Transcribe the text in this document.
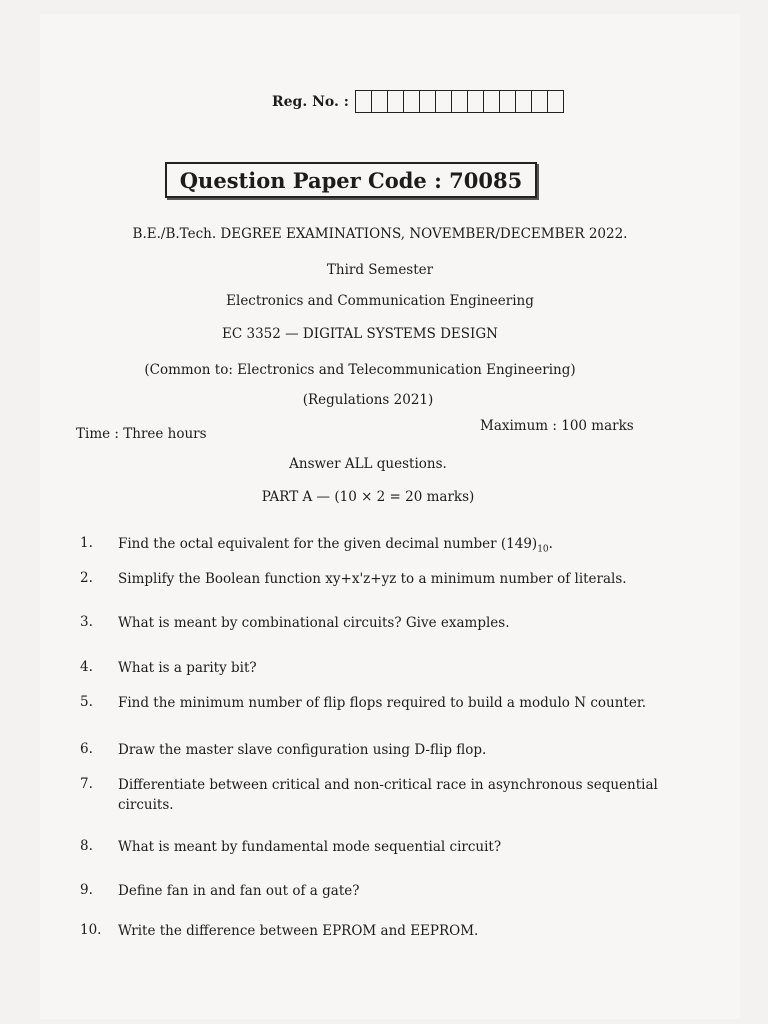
Reg. No. :
Question Paper Code : 70085
B.E./B.Tech. DEGREE EXAMINATIONS, NOVEMBER/DECEMBER 2022.
Third Semester
Electronics and Communication Engineering
EC 3352 — DIGITAL SYSTEMS DESIGN
(Common to: Electronics and Telecommunication Engineering)
(Regulations 2021)
Time : Three hours	Maximum : 100 marks
Answer ALL questions.
PART A — (10 × 2 = 20 marks)
1.	Find the octal equivalent for the given decimal number $(149)_{10}$.
2.	Simplify the Boolean function xy+x'z+yz to a minimum number of literals.
3.	What is meant by combinational circuits? Give examples.
4.	What is a parity bit?
5.	Find the minimum number of flip flops required to build a modulo N counter.
6.	Draw the master slave configuration using D-flip flop.
7.	Differentiate between critical and non-critical race in asynchronous sequential circuits.
8.	What is meant by fundamental mode sequential circuit?
9.	Define fan in and fan out of a gate?
10.	Write the difference between EPROM and EEPROM.
